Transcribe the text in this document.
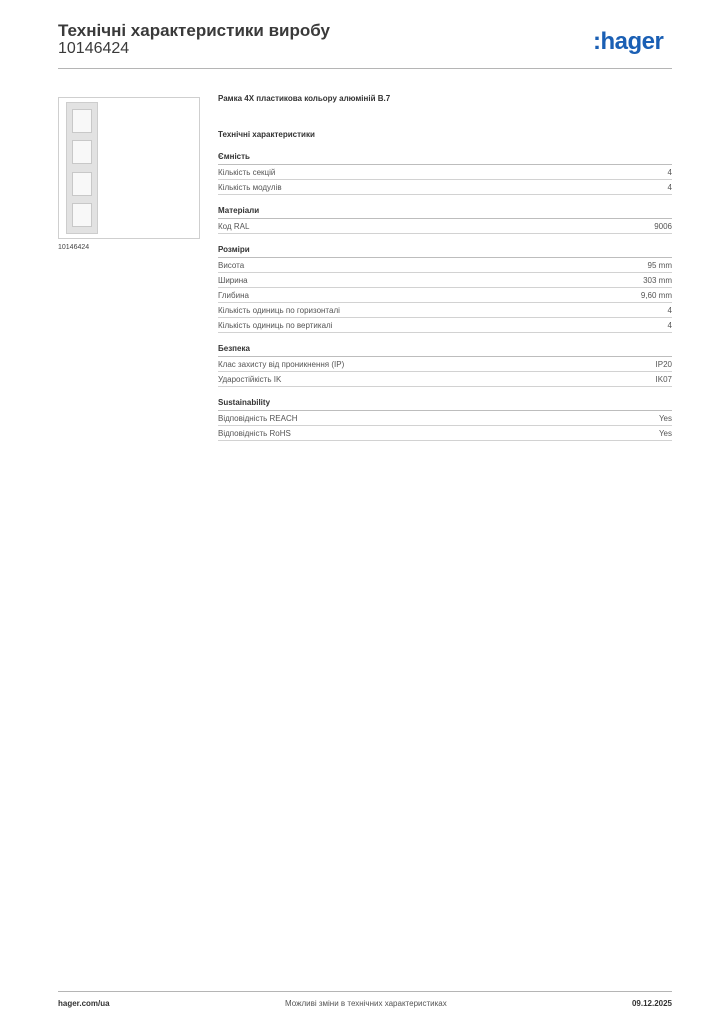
Технічні характеристики виробу
10146424	:hager
10146424
Рамка 4X пластикова кольору алюміній B.7
Технічні характеристики
Ємність
Кількість секцій	4
Кількість модулів	4
Матеріали
Код RAL	9006
Розміри
Висота	95 mm
Ширина	303 mm
Глибина	9,60 mm
Кількість одиниць по горизонталі	4
Кількість одиниць по вертикалі	4
Безпека
Клас захисту від проникнення (IP)	IP20
Ударостійкість IK	IK07
Sustainability
Відповідність REACH	Yes
Відповідність RoHS	Yes
hager.com/ua	Можливі зміни в технічних характеристиках	09.12.2025
